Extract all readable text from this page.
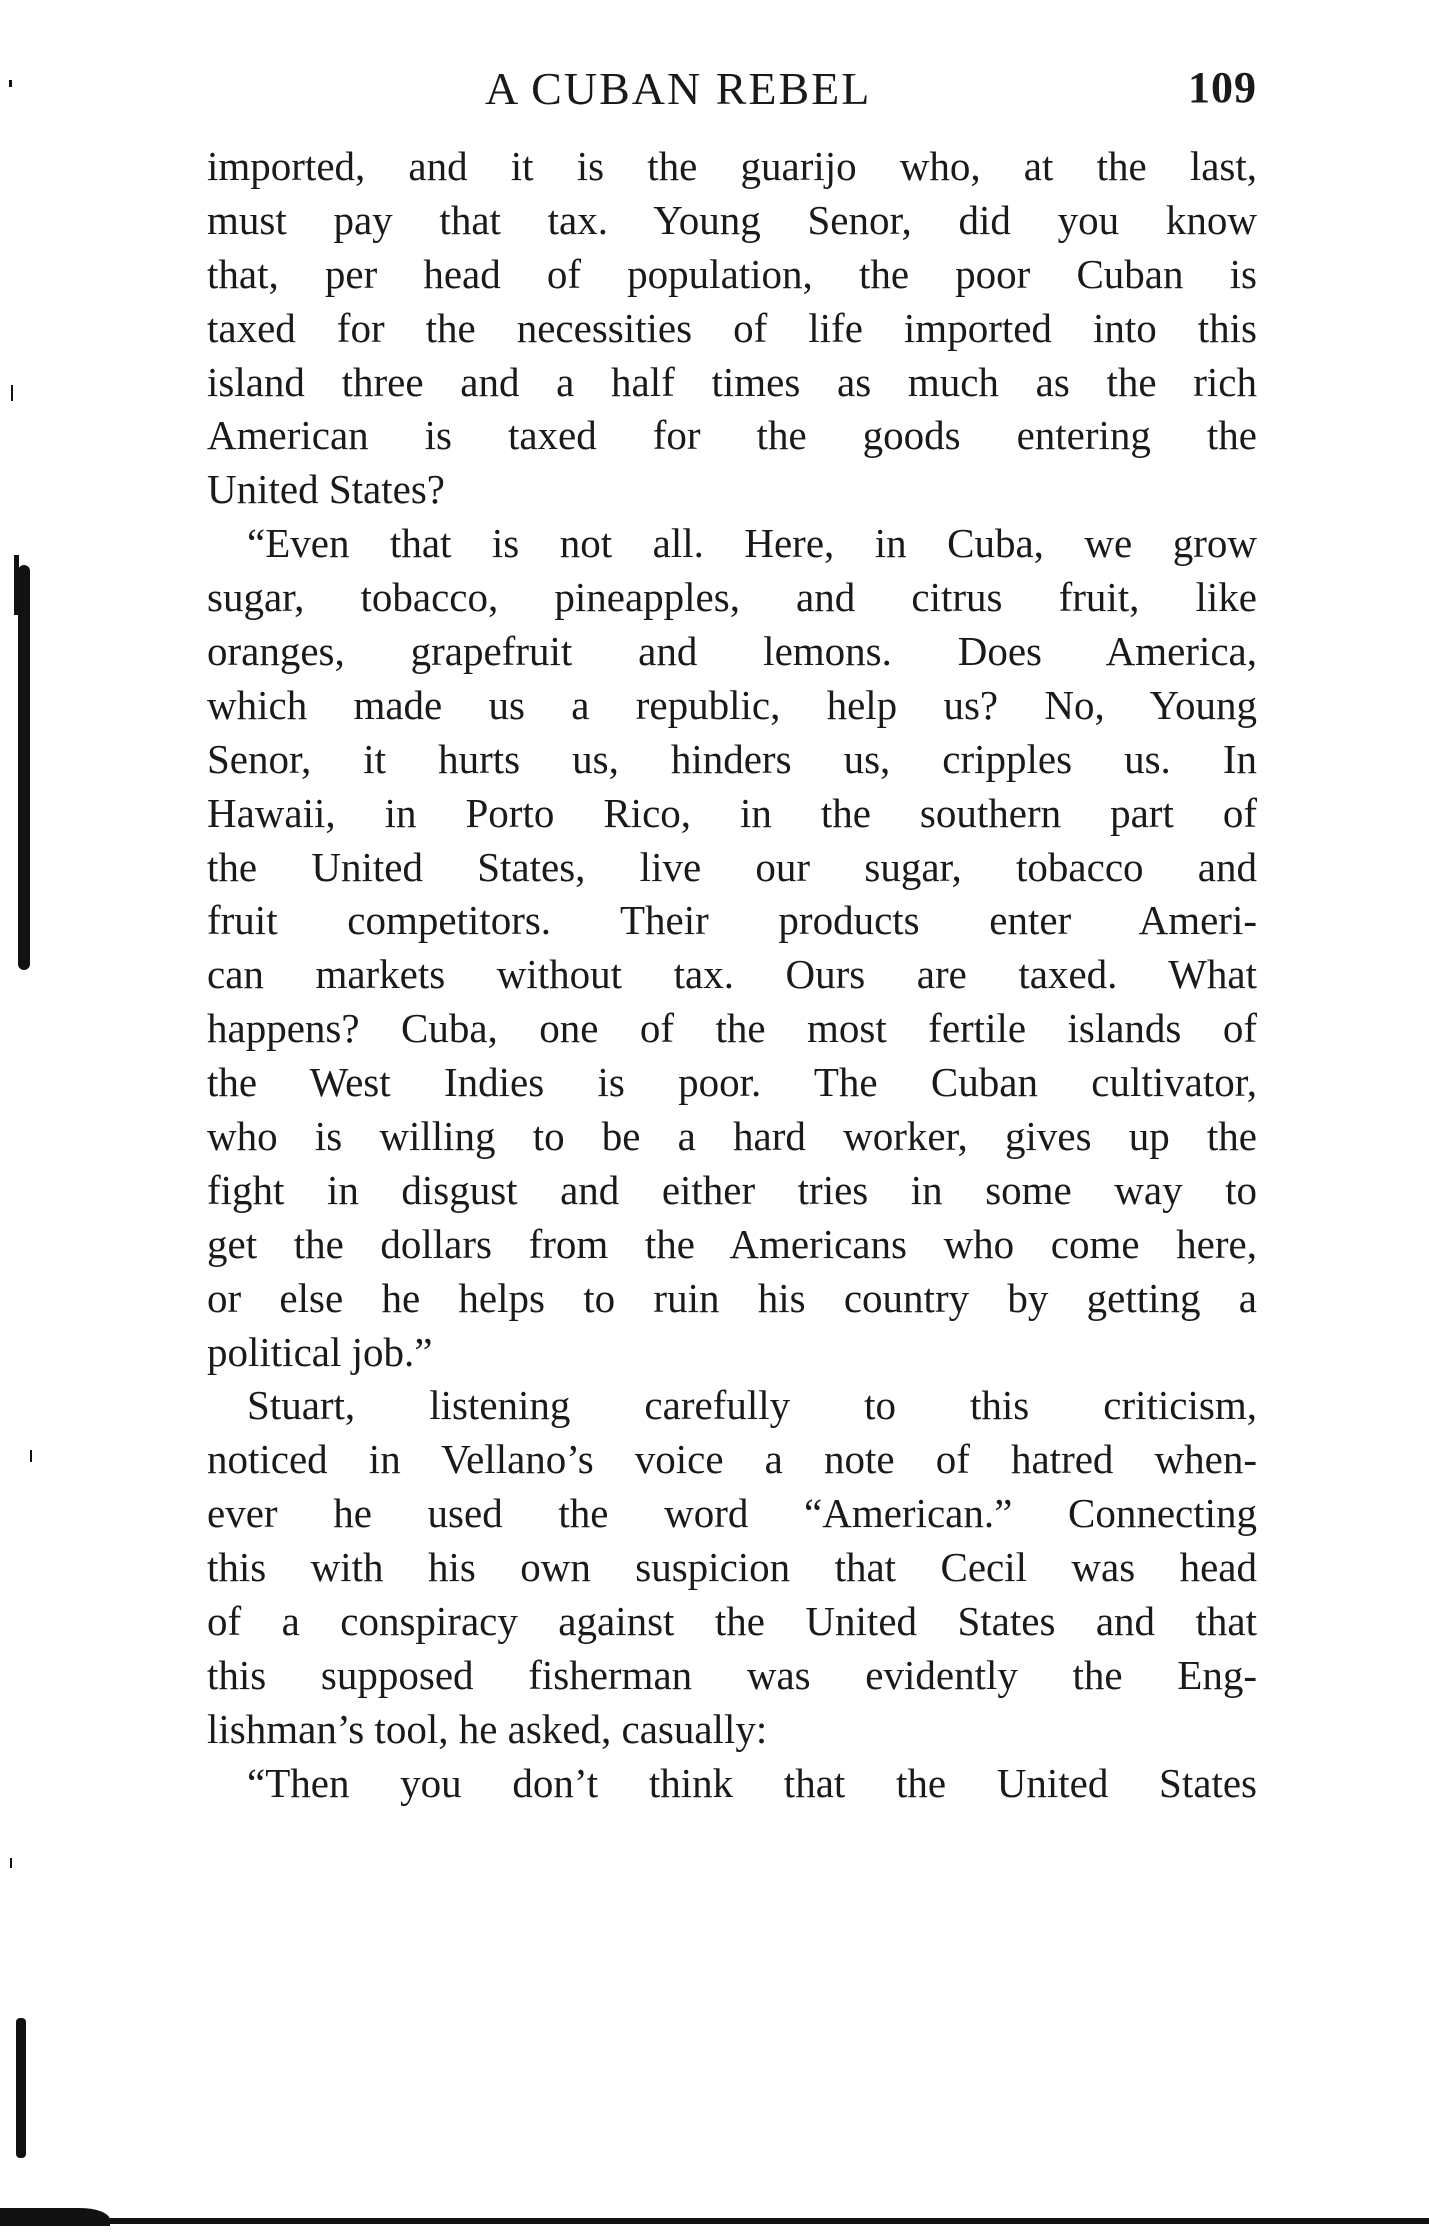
A CUBAN REBEL	109
imported, and it is the guarijo who, at the last,
must pay that tax. Young Senor, did you know
that, per head of population, the poor Cuban is
taxed for the necessities of life imported into this
island three and a half times as much as the rich
American is taxed for the goods entering the
United States?
“Even that is not all. Here, in Cuba, we grow
sugar, tobacco, pineapples, and citrus fruit, like
oranges, grapefruit and lemons. Does America,
which made us a republic, help us? No, Young
Senor, it hurts us, hinders us, cripples us. In
Hawaii, in Porto Rico, in the southern part of
the United States, live our sugar, tobacco and
fruit competitors. Their products enter Ameri-
can markets without tax. Ours are taxed. What
happens? Cuba, one of the most fertile islands of
the West Indies is poor. The Cuban cultivator,
who is willing to be a hard worker, gives up the
fight in disgust and either tries in some way to
get the dollars from the Americans who come here,
or else he helps to ruin his country by getting a
political job.”
Stuart, listening carefully to this criticism,
noticed in Vellano’s voice a note of hatred when-
ever he used the word “American.” Connecting
this with his own suspicion that Cecil was head
of a conspiracy against the United States and that
this supposed fisherman was evidently the Eng-
lishman’s tool, he asked, casually:
“Then you don’t think that the United States
